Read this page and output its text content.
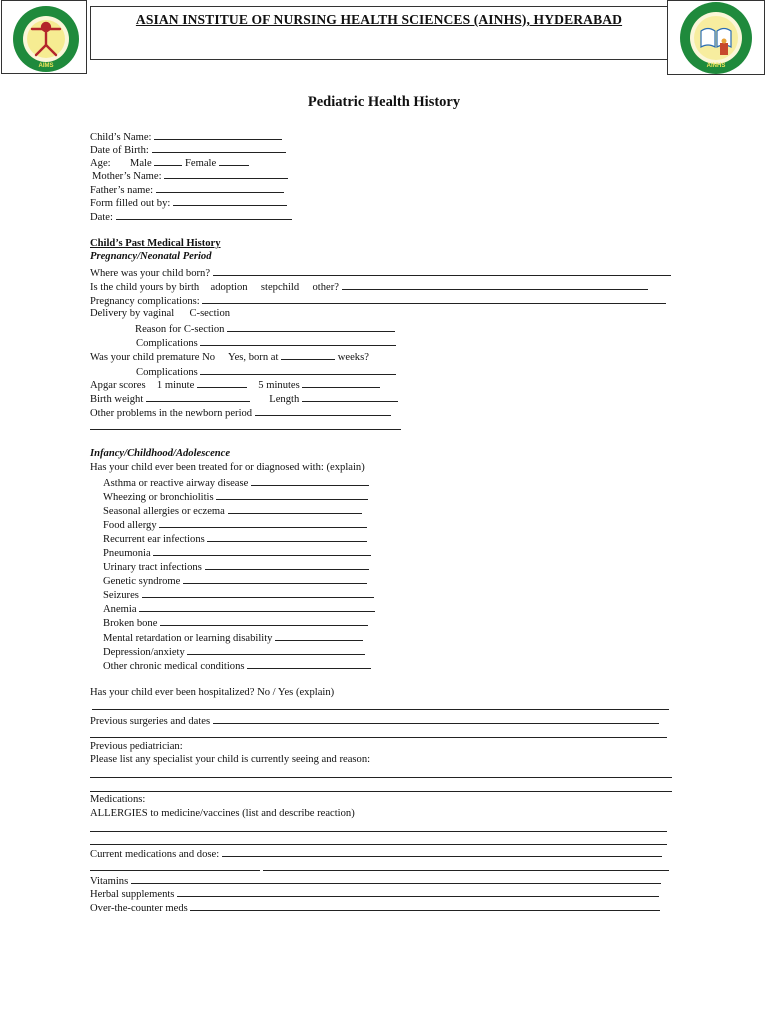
AIMS	AINHS
ASIAN INSTITUE OF NURSING HEALTH SCIENCES (AINHS), HYDERABAD
Pediatric Health History
Child’s Name:
Date of Birth:
Age: Male	Female
Mother’s Name:
Father’s name:
Form filled out by:
Date:
Child’s Past Medical History
Pregnancy/Neonatal Period
Where was your child born?
Is the child yours by birth adoption stepchild other?
Pregnancy complications:
Delivery by vaginal C-section
Reason for C-section
Complications
Was your child premature No Yes, born at	weeks?
Complications
Apgar scores 1 minute	5 minutes
Birth weight	Length
Other problems in the newborn period
Infancy/Childhood/Adolescence
Has your child ever been treated for or diagnosed with: (explain)
Asthma or reactive airway disease
Wheezing or bronchiolitis
Seasonal allergies or eczema
Food allergy
Recurrent ear infections
Pneumonia
Urinary tract infections
Genetic syndrome
Seizures
Anemia
Broken bone
Mental retardation or learning disability
Depression/anxiety
Other chronic medical conditions
Has your child ever been hospitalized? No / Yes (explain)
Previous surgeries and dates
Previous pediatrician:
Please list any specialist your child is currently seeing and reason:
Medications:
ALLERGIES to medicine/vaccines (list and describe reaction)
Current medications and dose:
Vitamins
Herbal supplements
Over-the-counter meds
